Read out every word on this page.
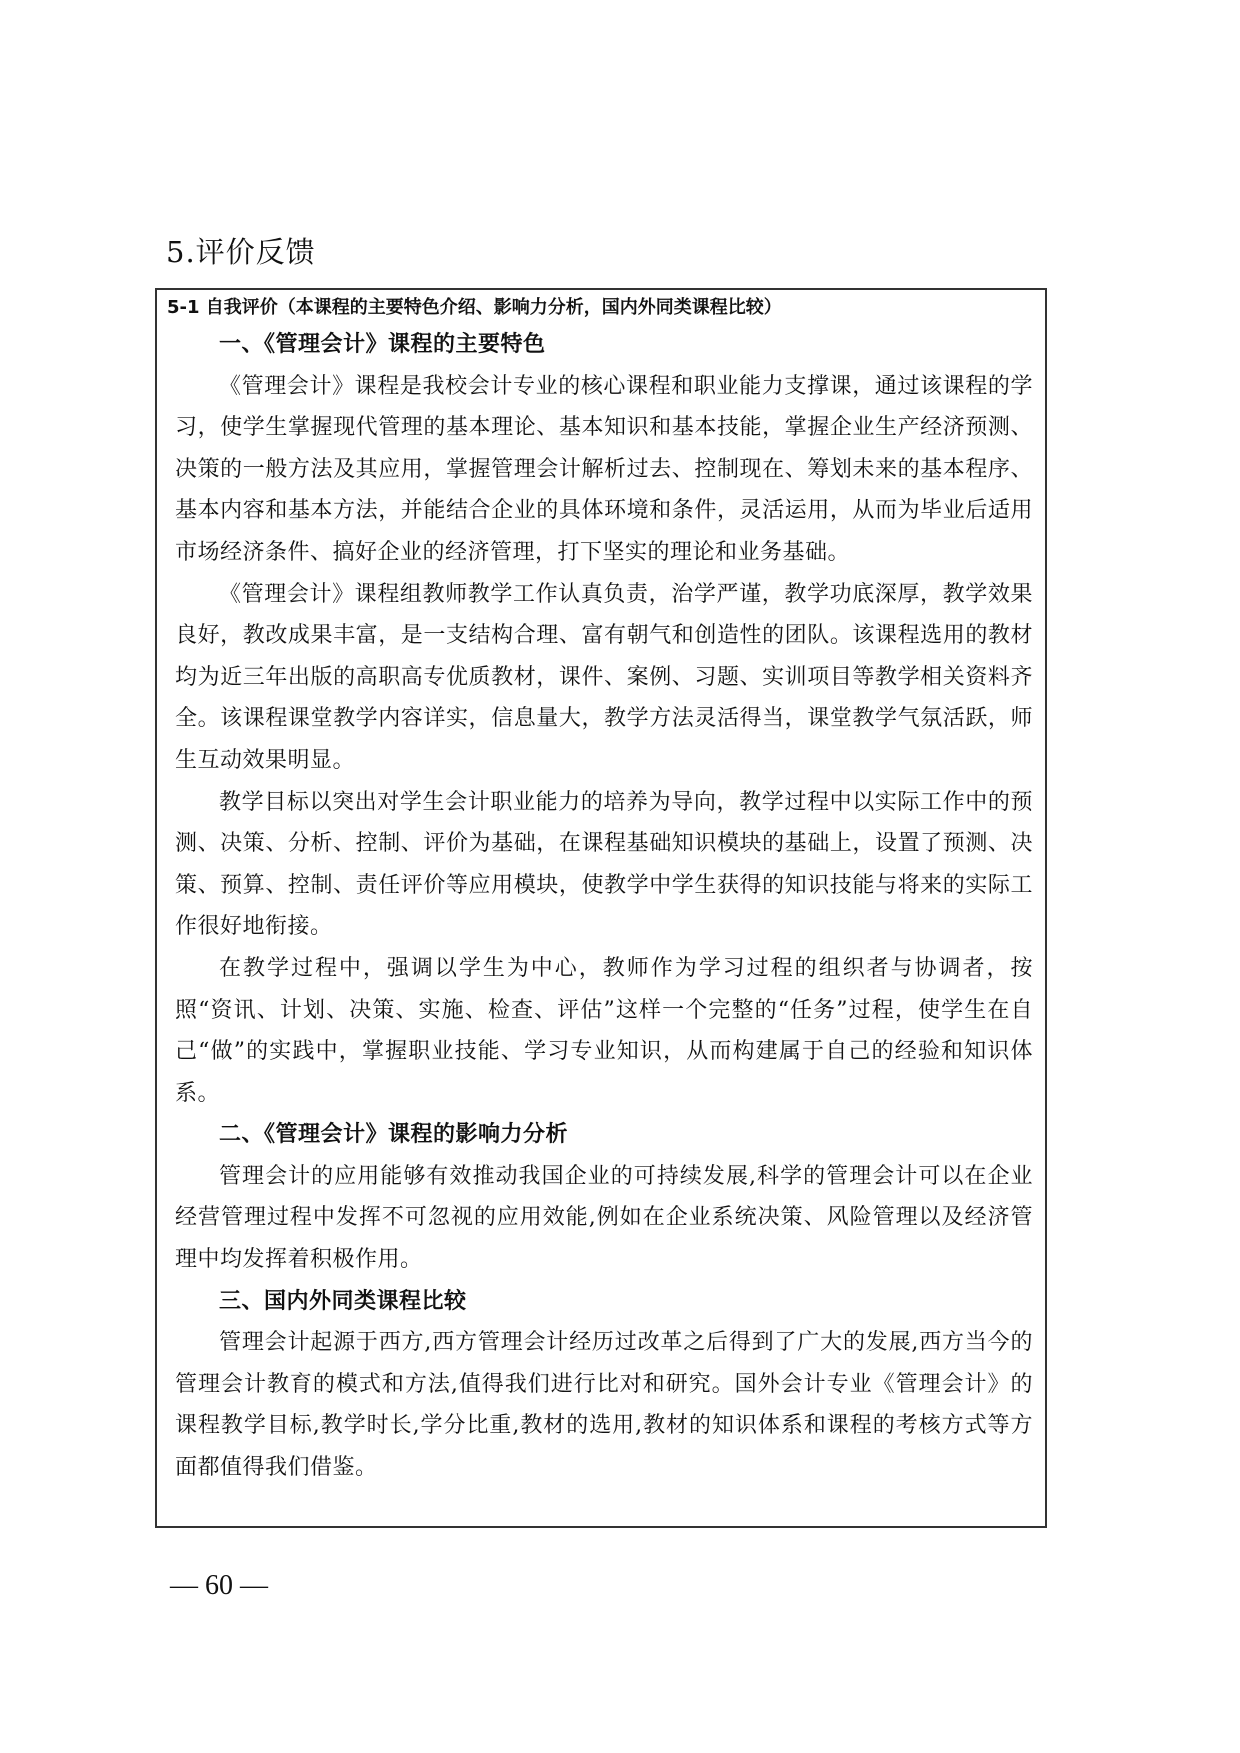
5.评价反馈
5-1 自我评价（本课程的主要特色介绍、影响力分析，国内外同类课程比较）
一、《管理会计》课程的主要特色

《管理会计》课程是我校会计专业的核心课程和职业能力支撑课，通过该课程的学习，使学生掌握现代管理的基本理论、基本知识和基本技能，掌握企业生产经济预测、决策的一般方法及其应用，掌握管理会计解析过去、控制现在、筹划未来的基本程序、基本内容和基本方法，并能结合企业的具体环境和条件，灵活运用，从而为毕业后适用市场经济条件、搞好企业的经济管理，打下坚实的理论和业务基础。

《管理会计》课程组教师教学工作认真负责，治学严谨，教学功底深厚，教学效果良好，教改成果丰富，是一支结构合理、富有朝气和创造性的团队。该课程选用的教材均为近三年出版的高职高专优质教材，课件、案例、习题、实训项目等教学相关资料齐全。该课程课堂教学内容详实，信息量大，教学方法灵活得当，课堂教学气氛活跃，师生互动效果明显。

教学目标以突出对学生会计职业能力的培养为导向，教学过程中以实际工作中的预测、决策、分析、控制、评价为基础，在课程基础知识模块的基础上，设置了预测、决策、预算、控制、责任评价等应用模块，使教学中学生获得的知识技能与将来的实际工作很好地衔接。

在教学过程中，强调以学生为中心，教师作为学习过程的组织者与协调者，按照“资讯、计划、决策、实施、检查、评估”这样一个完整的“任务”过程，使学生在自己“做”的实践中，掌握职业技能、学习专业知识，从而构建属于自己的经验和知识体系。

二、《管理会计》课程的影响力分析

管理会计的应用能够有效推动我国企业的可持续发展,科学的管理会计可以在企业经营管理过程中发挥不可忽视的应用效能,例如在企业系统决策、风险管理以及经济管理中均发挥着积极作用。

三、国内外同类课程比较

管理会计起源于西方,西方管理会计经历过改革之后得到了广大的发展,西方当今的管理会计教育的模式和方法,值得我们进行比对和研究。国外会计专业《管理会计》的课程教学目标,教学时长,学分比重,教材的选用,教材的知识体系和课程的考核方式等方面都值得我们借鉴。

— 60 —
